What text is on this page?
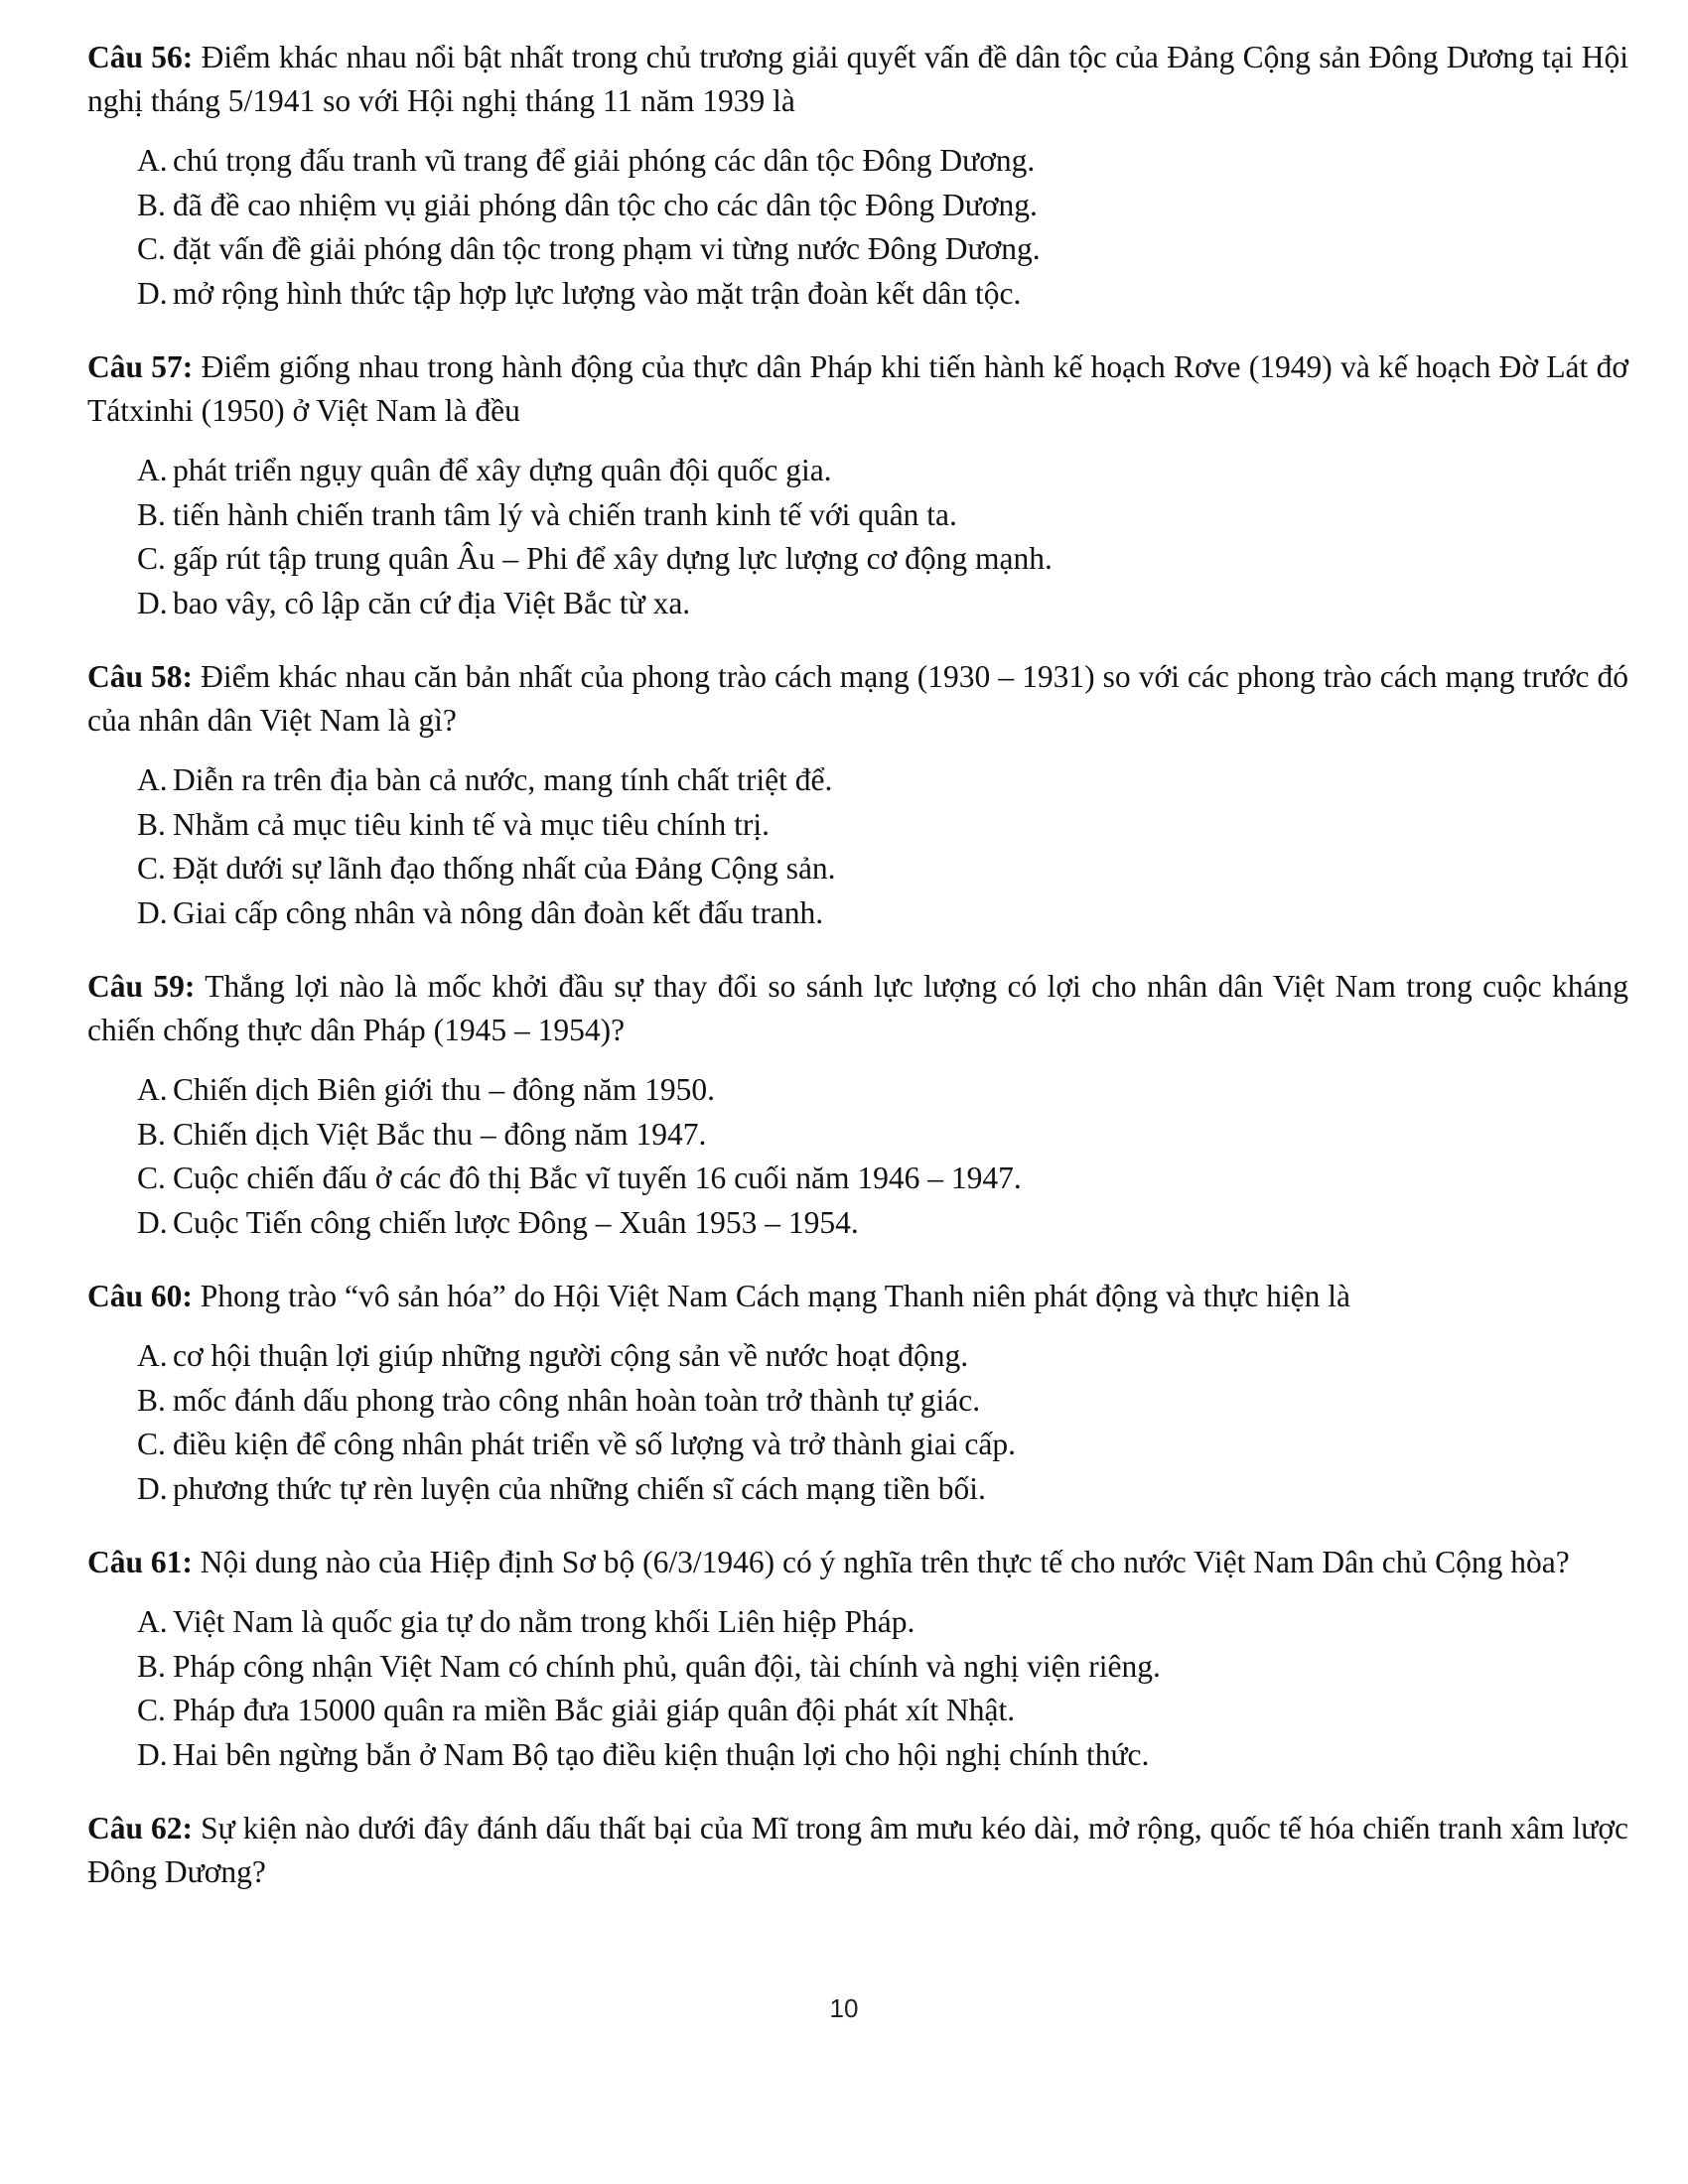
Câu 56: Điểm khác nhau nổi bật nhất trong chủ trương giải quyết vấn đề dân tộc của Đảng Cộng sản Đông Dương tại Hội nghị tháng 5/1941 so với Hội nghị tháng 11 năm 1939 là

A. chú trọng đấu tranh vũ trang để giải phóng các dân tộc Đông Dương.
B. đã đề cao nhiệm vụ giải phóng dân tộc cho các dân tộc Đông Dương.
C. đặt vấn đề giải phóng dân tộc trong phạm vi từng nước Đông Dương.
D. mở rộng hình thức tập hợp lực lượng vào mặt trận đoàn kết dân tộc.

Câu 57: Điểm giống nhau trong hành động của thực dân Pháp khi tiến hành kế hoạch Rơve (1949) và kế hoạch Đờ Lát đơ Tátxinhi (1950) ở Việt Nam là đều

A. phát triển ngụy quân để xây dựng quân đội quốc gia.
B. tiến hành chiến tranh tâm lý và chiến tranh kinh tế với quân ta.
C. gấp rút tập trung quân Âu – Phi để xây dựng lực lượng cơ động mạnh.
D. bao vây, cô lập căn cứ địa Việt Bắc từ xa.

Câu 58: Điểm khác nhau căn bản nhất của phong trào cách mạng (1930 – 1931) so với các phong trào cách mạng trước đó của nhân dân Việt Nam là gì?

A. Diễn ra trên địa bàn cả nước, mang tính chất triệt để.
B. Nhằm cả mục tiêu kinh tế và mục tiêu chính trị.
C. Đặt dưới sự lãnh đạo thống nhất của Đảng Cộng sản.
D. Giai cấp công nhân và nông dân đoàn kết đấu tranh.

Câu 59: Thắng lợi nào là mốc khởi đầu sự thay đổi so sánh lực lượng có lợi cho nhân dân Việt Nam trong cuộc kháng chiến chống thực dân Pháp (1945 – 1954)?

A. Chiến dịch Biên giới thu – đông năm 1950.
B. Chiến dịch Việt Bắc thu – đông năm 1947.
C. Cuộc chiến đấu ở các đô thị Bắc vĩ tuyến 16 cuối năm 1946 – 1947.
D. Cuộc Tiến công chiến lược Đông – Xuân 1953 – 1954.

Câu 60: Phong trào “vô sản hóa” do Hội Việt Nam Cách mạng Thanh niên phát động và thực hiện là

A. cơ hội thuận lợi giúp những người cộng sản về nước hoạt động.
B. mốc đánh dấu phong trào công nhân hoàn toàn trở thành tự giác.
C. điều kiện để công nhân phát triển về số lượng và trở thành giai cấp.
D. phương thức tự rèn luyện của những chiến sĩ cách mạng tiền bối.

Câu 61: Nội dung nào của Hiệp định Sơ bộ (6/3/1946) có ý nghĩa trên thực tế cho nước Việt Nam Dân chủ Cộng hòa?

A. Việt Nam là quốc gia tự do nằm trong khối Liên hiệp Pháp.
B. Pháp công nhận Việt Nam có chính phủ, quân đội, tài chính và nghị viện riêng.
C. Pháp đưa 15000 quân ra miền Bắc giải giáp quân đội phát xít Nhật.
D. Hai bên ngừng bắn ở Nam Bộ tạo điều kiện thuận lợi cho hội nghị chính thức.

Câu 62: Sự kiện nào dưới đây đánh dấu thất bại của Mĩ trong âm mưu kéo dài, mở rộng, quốc tế hóa chiến tranh xâm lược Đông Dương?

10
